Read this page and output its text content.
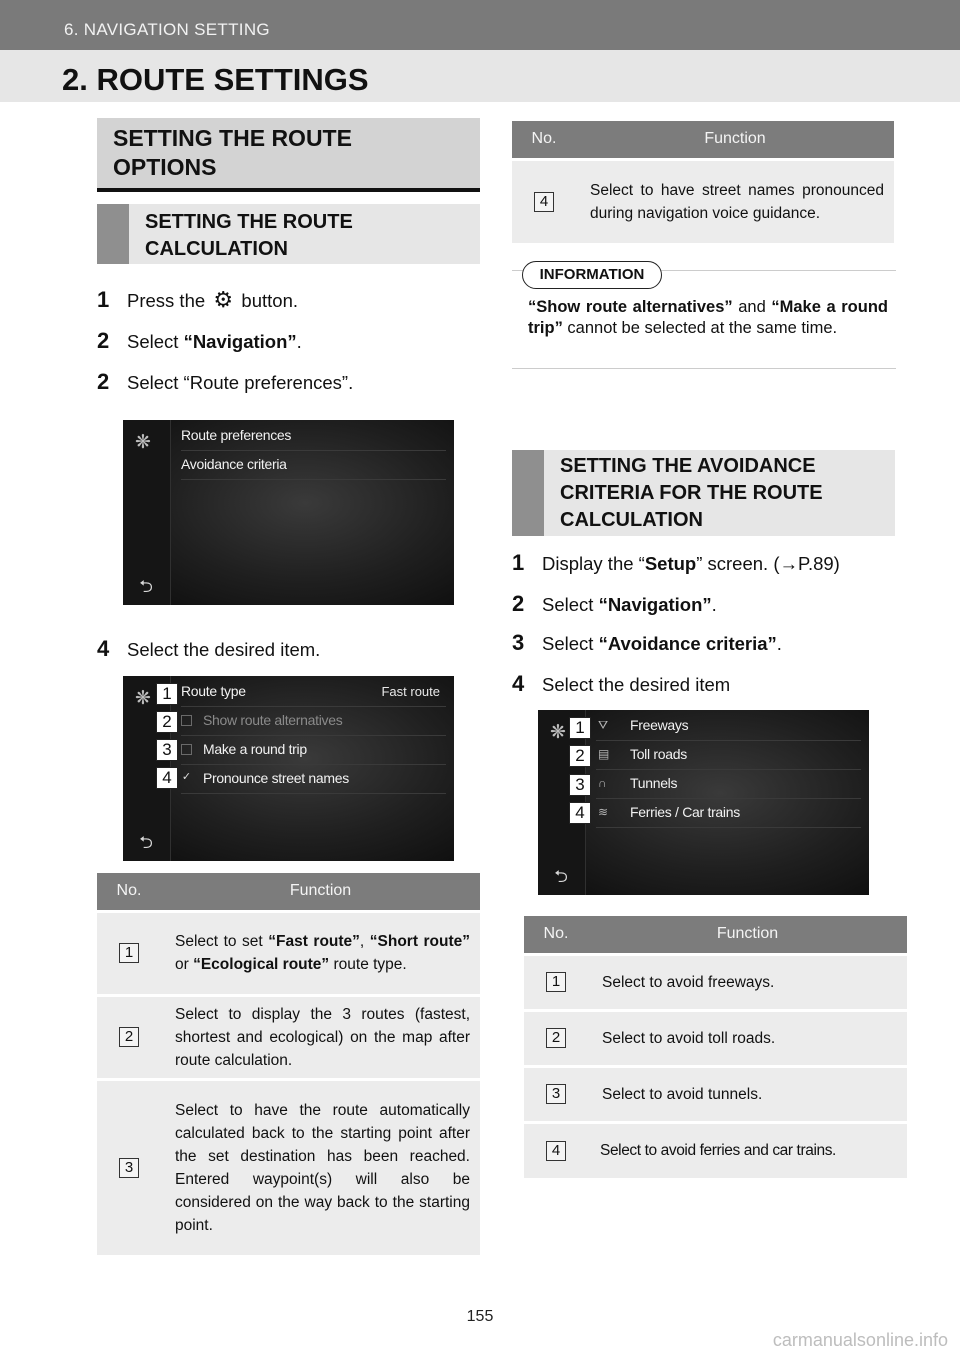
6. NAVIGATION SETTING
2. ROUTE SETTINGS
SETTING THE ROUTE OPTIONS
SETTING THE ROUTE CALCULATION
1 Press the ⚙ button.
2 Select “Navigation”.
2 Select “Route preferences”.
❋ Route preferences
Avoidance criteria
⮌
4 Select the desired item.
❋ Route type	Fast route
Show route alternatives
Make a round trip
✓ Pronounce street names
⮌
1
2
3
4
No.	Function
1	Select to set “Fast route”, “Short route” or “Ecological route” route type.
2	Select to display the 3 routes (fastest, shortest and ecological) on the map after route calculation.
3	Select to have the route automatically calculated back to the starting point after the set destination has been reached. Entered waypoint(s) will also be considered on the way back to the starting point.
No.	Function
4	Select to have street names pronounced during navigation voice guidance.
INFORMATION
“Show route alternatives” and “Make a round trip” cannot be selected at the same time.
SETTING THE AVOIDANCE CRITERIA FOR THE ROUTE CALCULATION
1 Display the “Setup” screen. (→P.89)
2 Select “Navigation”.
3 Select “Avoidance criteria”.
4 Select the desired item
❋	⛛ Freeways
▤ Toll roads
∩ Tunnels
≋ Ferries / Car trains
⮌
1
2
3
4
No.	Function
1	Select to avoid freeways.
2	Select to avoid toll roads.
3	Select to avoid tunnels.
4	Select to avoid ferries and car trains.
155
carmanualsonline.info
